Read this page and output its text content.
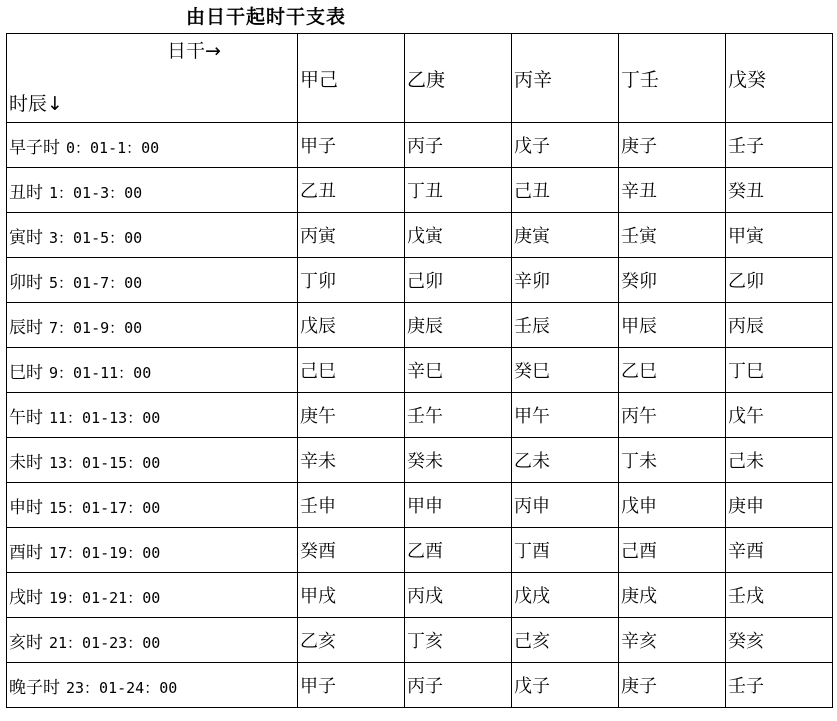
由日干起时干支表
日干→
时辰↓	甲己	乙庚	丙辛	丁壬	戊癸
早子时 0：01-1：00	甲子	丙子	戊子	庚子	壬子
丑时 1：01-3：00	乙丑	丁丑	己丑	辛丑	癸丑
寅时 3：01-5：00	丙寅	戊寅	庚寅	壬寅	甲寅
卯时 5：01-7：00	丁卯	己卯	辛卯	癸卯	乙卯
辰时 7：01-9：00	戊辰	庚辰	壬辰	甲辰	丙辰
巳时 9：01-11：00	己巳	辛巳	癸巳	乙巳	丁巳
午时 11：01-13：00	庚午	壬午	甲午	丙午	戊午
未时 13：01-15：00	辛未	癸未	乙未	丁未	己未
申时 15：01-17：00	壬申	甲申	丙申	戊申	庚申
酉时 17：01-19：00	癸酉	乙酉	丁酉	己酉	辛酉
戌时 19：01-21：00	甲戌	丙戌	戊戌	庚戌	壬戌
亥时 21：01-23：00	乙亥	丁亥	己亥	辛亥	癸亥
晚子时 23：01-24：00	甲子	丙子	戊子	庚子	壬子
